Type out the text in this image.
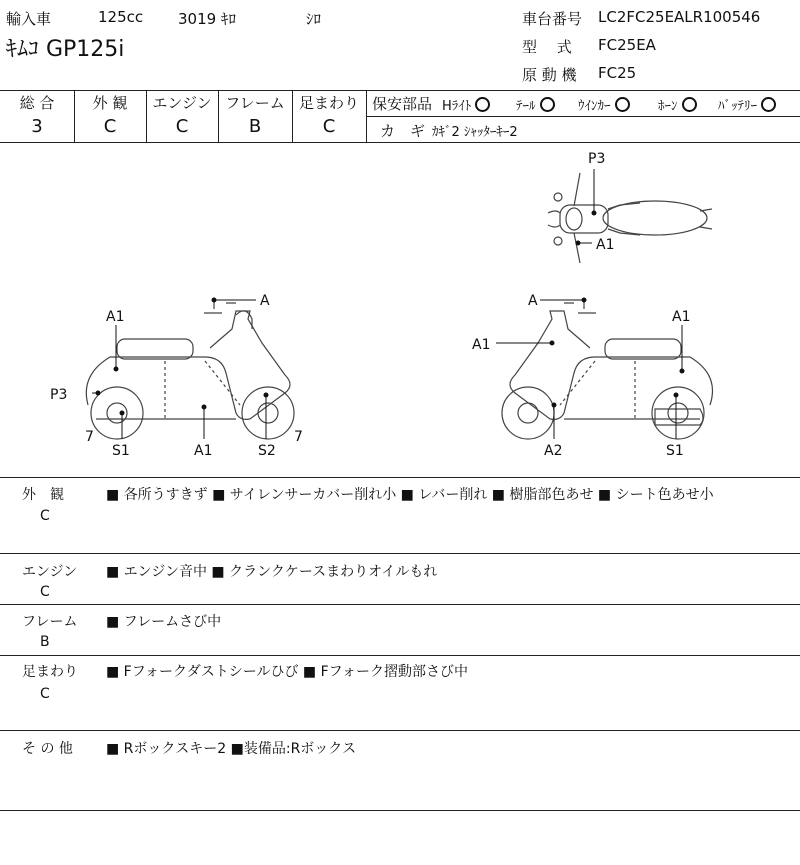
輸入車	125cc 3019 ｷﾛ	ｼﾛ
ｷﾑｺ GP125i
車台番号 LC2FC25EALR100546
型　 式 FC25EA
原 動 機 FC25
総 合
3
外 観
C
エンジン
C
フレーム
B
足まわり
C
保安部品 Hﾗｲﾄ	ﾃｰﾙ	ｳｲﾝｶｰ	ﾎｰﾝ	ﾊﾞｯﾃﾘｰ
カ　ギ ｶｷﾞ2 ｼｬｯﾀｰｷｰ2
P3
A1
A1
A
P3
7
S1	A1	S2
7
A
A1
A1
A2	S1
外　観
C
■ 各所うすきず ■ サイレンサーカバー削れ小 ■ レバー削れ ■ 樹脂部色あせ ■ シート色あせ小
エンジン
C
■ エンジン音中 ■ クランクケースまわりオイルもれ
フレーム
B
■ フレームさび中
足まわり
C
■ Fフォークダストシールひび ■ Fフォーク摺動部さび中
そ の 他 ■ Rボックスキー2 ■装備品:Rボックス
